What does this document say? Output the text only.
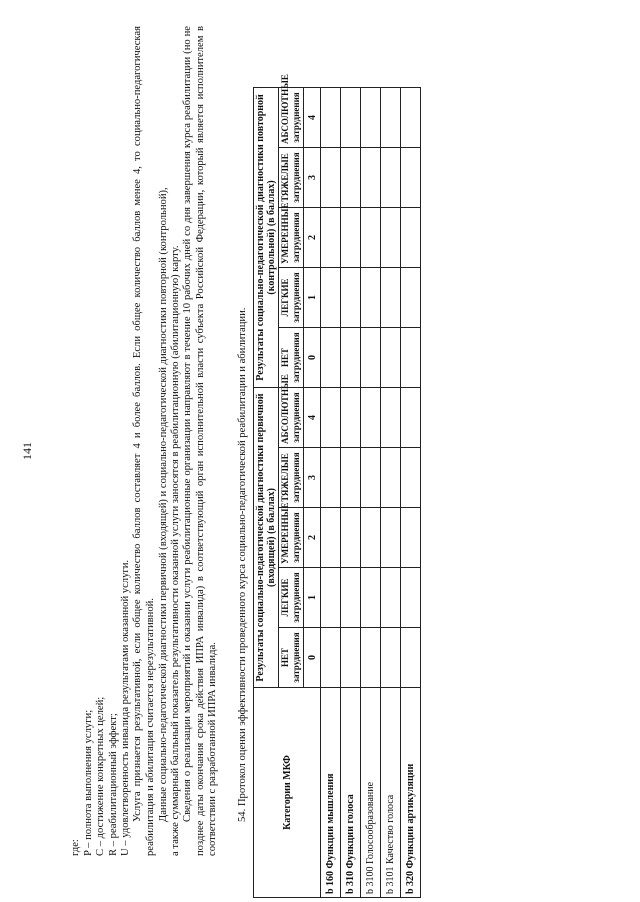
141

где: P – полнота выполнения услуги; C – достижение конкретных целей; R – реабилитационный эффект; U – удовлетворенность инвалида результатами оказанной услуги. Услуга признается результативной, если общее количество баллов составляет 4 и более баллов. Если общее количество баллов менее 4, то социально-педагогическая реабилитация и абилитация считается нерезультативной. Данные социально-педагогической диагностики первичной (входящей) и социально-педагогической диагностики повторной (контрольной), а также суммарный балльный показатель результативности оказанной услуги заносятся в реабилитационную (абилитационную) карту. Сведения о реализации мероприятий и оказании услуги реабилитационные организации направляют в течение 10 рабочих дней со дня завершения курса реабилитации (но не позднее даты окончания срока действия ИПРА инвалида) в соответствующий орган исполнительной власти субъекта Российской Федерации, который является исполнителем в соответствии с разработанной ИПРА инвалида. 54. Протокол оценки эффективности проведенного курса социально-педагогической реабилитации и абилитации.	Категории МКФ	Результаты социально-педагогической диагностики первичной (входящей) (в баллах)					Результаты социально-педагогической диагностики повторной (контрольной) (в баллах)				
	НЕТ затруднения	ЛЕГКИЕ затруднения	УМЕРЕННЫЕ затруднения	ТЯЖЕЛЫЕ затруднения	АБСОЛЮТНЫЕ затруднения	НЕТ затруднения	ЛЕГКИЕ затруднения	УМЕРЕННЫЕ затруднения	ТЯЖЕЛЫЕ затруднения	АБСОЛЮТНЫЕ затруднения
	0	1	2	3	4	0	1	2	3	4
b 160 Функции мышления										
b 310 Функции голоса										
b 3100 Голосообразование										
b 3101 Качество голоса										
b 320 Функции артикуляции										
